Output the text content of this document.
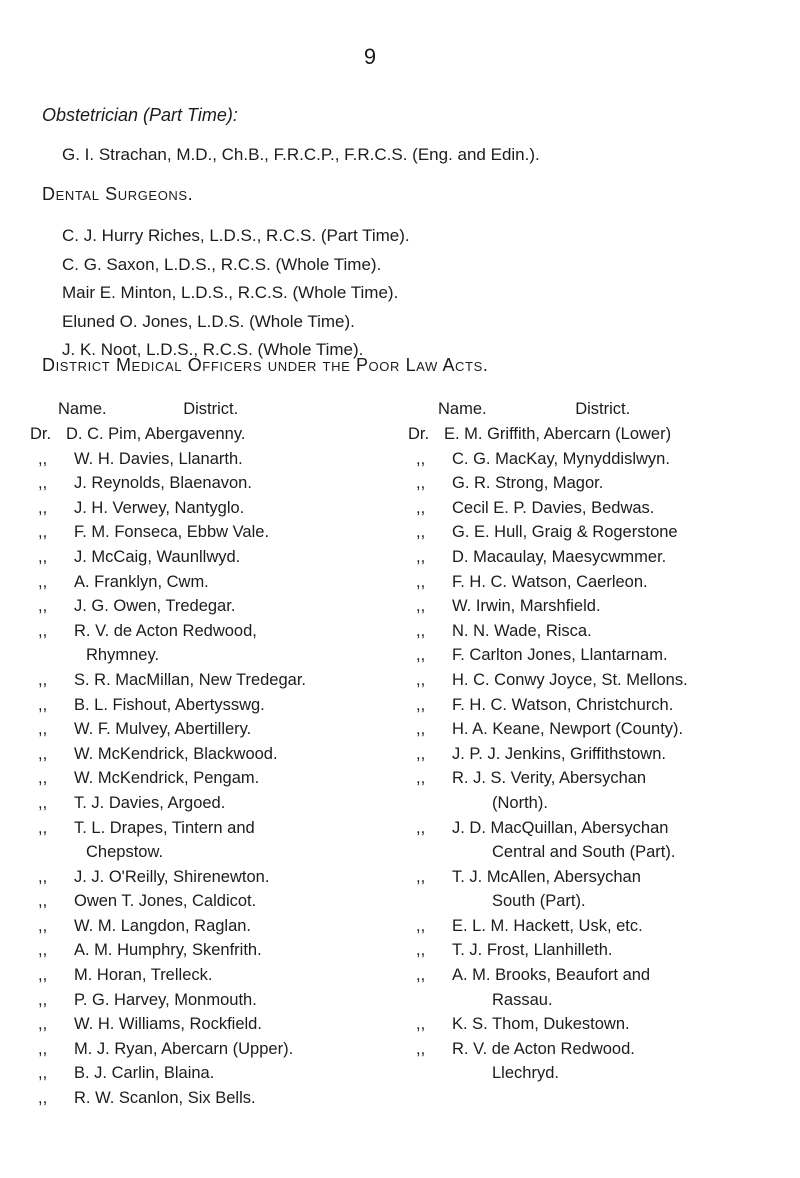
9
Obstetrician (Part Time):
G. I. Strachan, M.D., Ch.B., F.R.C.P., F.R.C.S. (Eng. and Edin.).
Dental Surgeons.
C. J. Hurry Riches, L.D.S., R.C.S. (Part Time).
C. G. Saxon, L.D.S., R.C.S. (Whole Time).
Mair E. Minton, L.D.S., R.C.S. (Whole Time).
Eluned O. Jones, L.D.S. (Whole Time).
J. K. Noot, L.D.S., R.C.S. (Whole Time).
District Medical Officers under the Poor Law Acts.
Name.	District.
Dr. D. C. Pim, Abergavenny.
,,	W. H. Davies, Llanarth.
,,	J. Reynolds, Blaenavon.
,,	J. H. Verwey, Nantyglo.
,,	F. M. Fonseca, Ebbw Vale.
,,	J. McCaig, Waunllwyd.
,,	A. Franklyn, Cwm.
,,	J. G. Owen, Tredegar.
,,	R. V. de Acton Redwood,
Rhymney.
,,	S. R. MacMillan, New Tredegar.
,,	B. L. Fishout, Abertysswg.
,,	W. F. Mulvey, Abertillery.
,,	W. McKendrick, Blackwood.
,,	W. McKendrick, Pengam.
,,	T. J. Davies, Argoed.
,,	T. L. Drapes, Tintern and
Chepstow.
,,	J. J. O'Reilly, Shirenewton.
,,	Owen T. Jones, Caldicot.
,,	W. M. Langdon, Raglan.
,,	A. M. Humphry, Skenfrith.
,,	M. Horan, Trelleck.
,,	P. G. Harvey, Monmouth.
,,	W. H. Williams, Rockfield.
,,	M. J. Ryan, Abercarn (Upper).
,,	B. J. Carlin, Blaina.
,,	R. W. Scanlon, Six Bells.
Name.	District.
Dr. E. M. Griffith, Abercarn (Lower)
,,	C. G. MacKay, Mynyddislwyn.
,,	G. R. Strong, Magor.
,,	Cecil E. P. Davies, Bedwas.
,,	G. E. Hull, Graig & Rogerstone
,,	D. Macaulay, Maesycwmmer.
,,	F. H. C. Watson, Caerleon.
,,	W. Irwin, Marshfield.
,,	N. N. Wade, Risca.
,,	F. Carlton Jones, Llantarnam.
,,	H. C. Conwy Joyce, St. Mellons.
,,	F. H. C. Watson, Christchurch.
,,	H. A. Keane, Newport (County).
,,	J. P. J. Jenkins, Griffithstown.
,,	R. J. S. Verity, Abersychan
(North).
,,	J. D. MacQuillan, Abersychan
Central and South (Part).
,,	T. J. McAllen, Abersychan
South (Part).
,,	E. L. M. Hackett, Usk, etc.
,,	T. J. Frost, Llanhilleth.
,,	A. M. Brooks, Beaufort and
Rassau.
,,	K. S. Thom, Dukestown.
,,	R. V. de Acton Redwood.
Llechryd.
